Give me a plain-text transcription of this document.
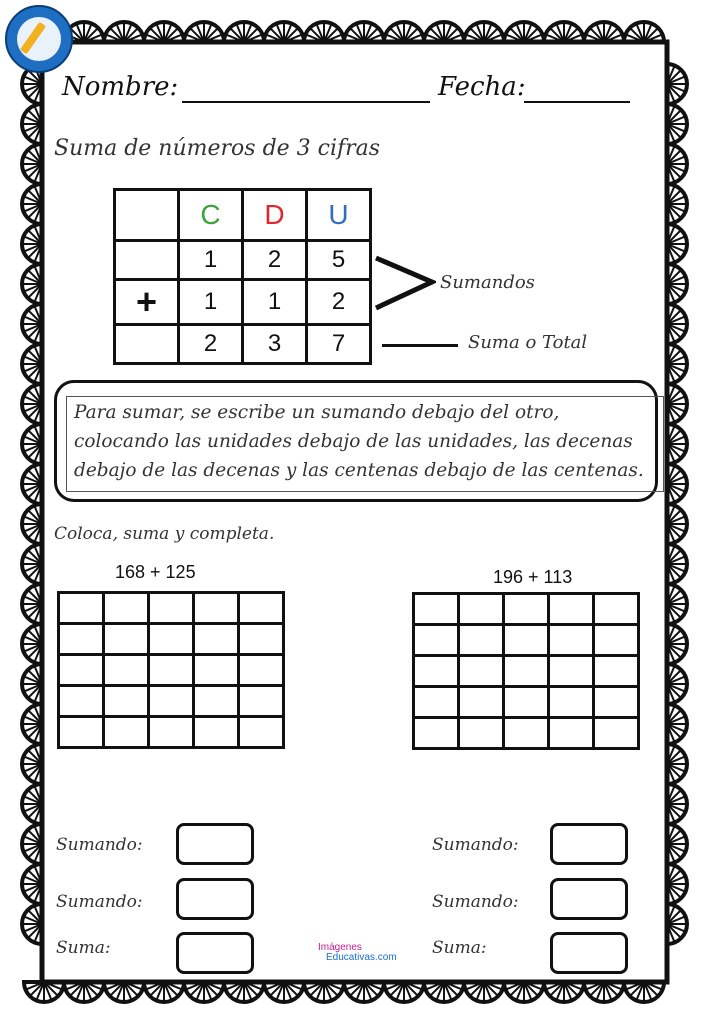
Nombre:	Fecha:
Suma de números de 3 cifras
	C	D	U
	1	2	5
+	1	1	2
	2	3	7
Sumandos
Suma o Total
Para sumar, se escribe un sumando debajo del otro, colocando las unidades debajo de las unidades, las decenas debajo de las decenas y las centenas debajo de las centenas.
Coloca, suma y completa.
168 + 125	196 + 113

Sumando:
Sumando:
Suma:
Sumando:
Sumando:
Suma:
Imágenes
Educativas.com
